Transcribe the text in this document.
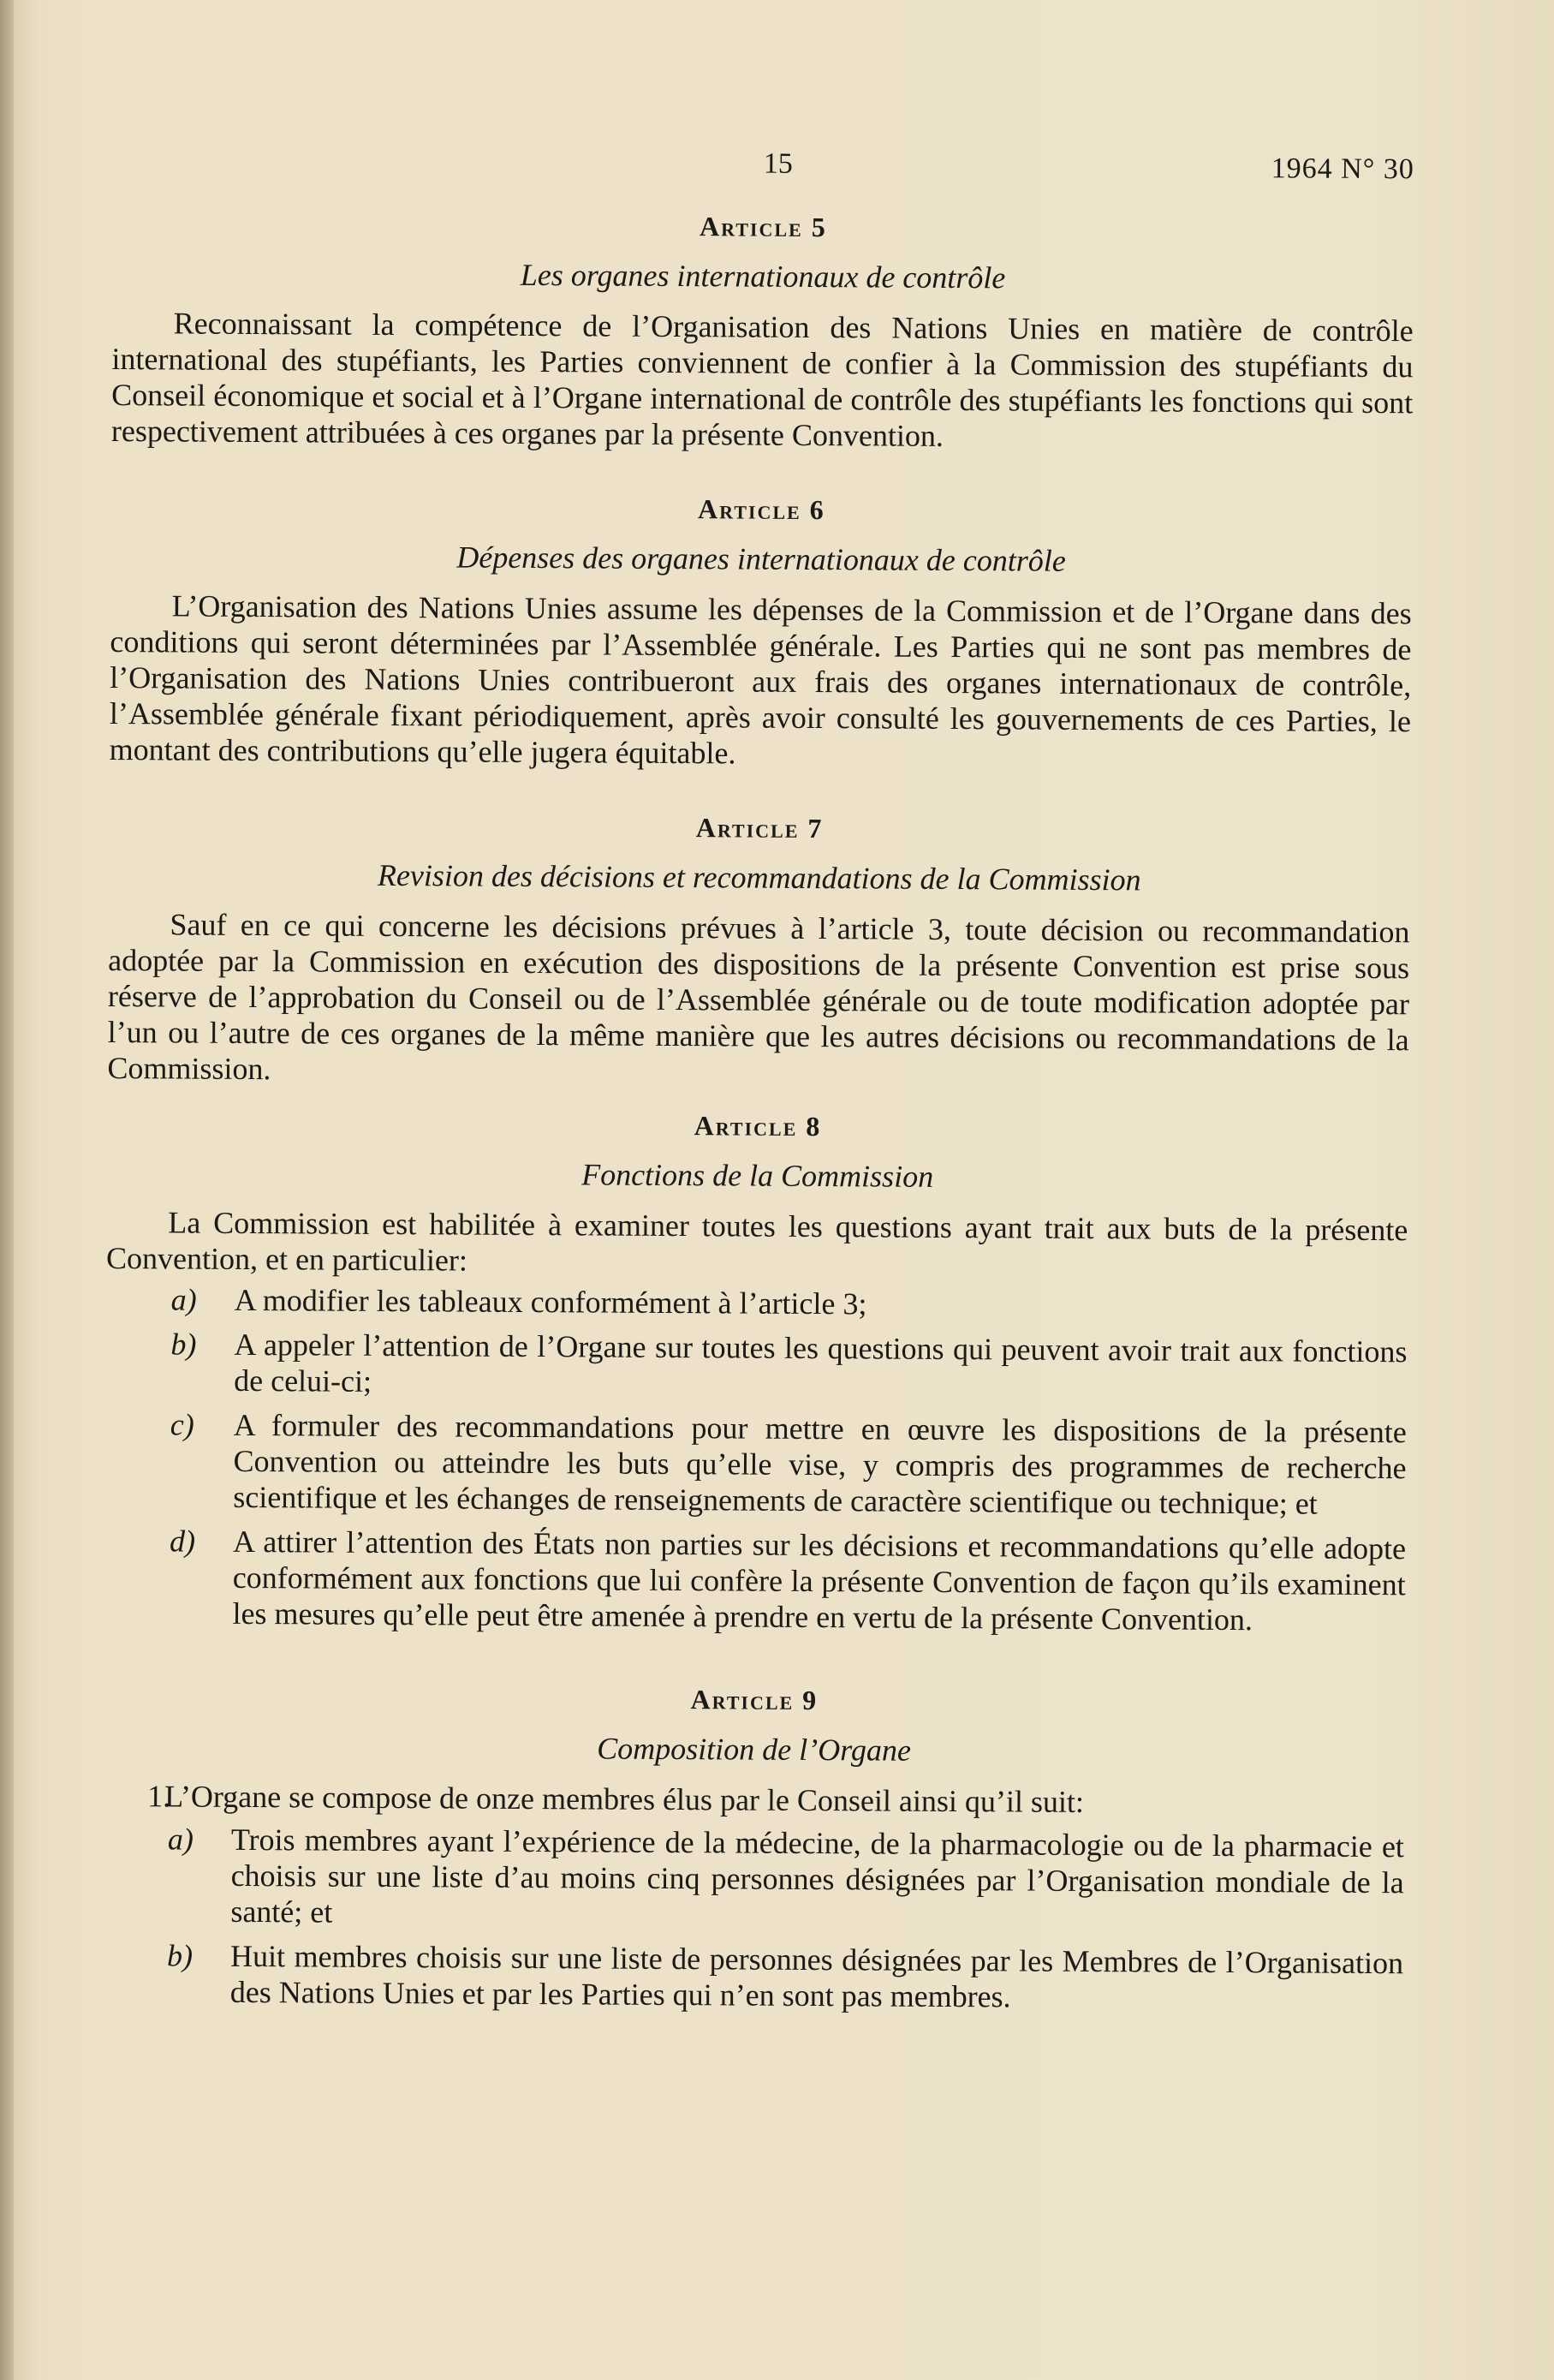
15	1964 N° 30
Article 5
Les organes internationaux de contrôle

Reconnaissant la compétence de l’Organisation des Nations Unies en matière de contrôle international des stupéfiants, les Parties conviennent de confier à la Commission des stupéfiants du Conseil économique et social et à l’Organe international de contrôle des stupéfiants les fonctions qui sont respectivement attribuées à ces organes par la présente Convention.

Article 6
Dépenses des organes internationaux de contrôle

L’Organisation des Nations Unies assume les dépenses de la Commission et de l’Organe dans des conditions qui seront déterminées par l’Assemblée générale. Les Parties qui ne sont pas membres de l’Organisation des Nations Unies contribueront aux frais des organes internationaux de contrôle, l’Assemblée générale fixant périodiquement, après avoir consulté les gouvernements de ces Parties, le montant des contributions qu’elle jugera équitable.

Article 7
Revision des décisions et recommandations de la Commission

Sauf en ce qui concerne les décisions prévues à l’article 3, toute décision ou recommandation adoptée par la Commission en exécution des dispositions de la présente Convention est prise sous réserve de l’approbation du Conseil ou de l’Assemblée générale ou de toute modification adoptée par l’un ou l’autre de ces organes de la même manière que les autres décisions ou recommandations de la Commission.

Article 8
Fonctions de la Commission

La Commission est habilitée à examiner toutes les questions ayant trait aux buts de la présente Convention, et en particulier:

a) A modifier les tableaux conformément à l’article 3;
b) A appeler l’attention de l’Organe sur toutes les questions qui peuvent avoir trait aux fonctions de celui-ci;
c) A formuler des recommandations pour mettre en œuvre les dispositions de la présente Convention ou atteindre les buts qu’elle vise, y compris des programmes de recherche scientifique et les échanges de renseignements de caractère scientifique ou technique; et
d) A attirer l’attention des États non parties sur les décisions et recommandations qu’elle adopte conformément aux fonctions que lui confère la présente Convention de façon qu’ils examinent les mesures qu’elle peut être amenée à prendre en vertu de la présente Convention.
Article 9
Composition de l’Organe
1.
L’Organe se compose de onze membres élus par le Conseil ainsi qu’il suit:
a) Trois membres ayant l’expérience de la médecine, de la pharmacologie ou de la pharmacie et choisis sur une liste d’au moins cinq personnes désignées par l’Organisation mondiale de la santé; et
b) Huit membres choisis sur une liste de personnes désignées par les Membres de l’Organisation des Nations Unies et par les Parties qui n’en sont pas membres.
